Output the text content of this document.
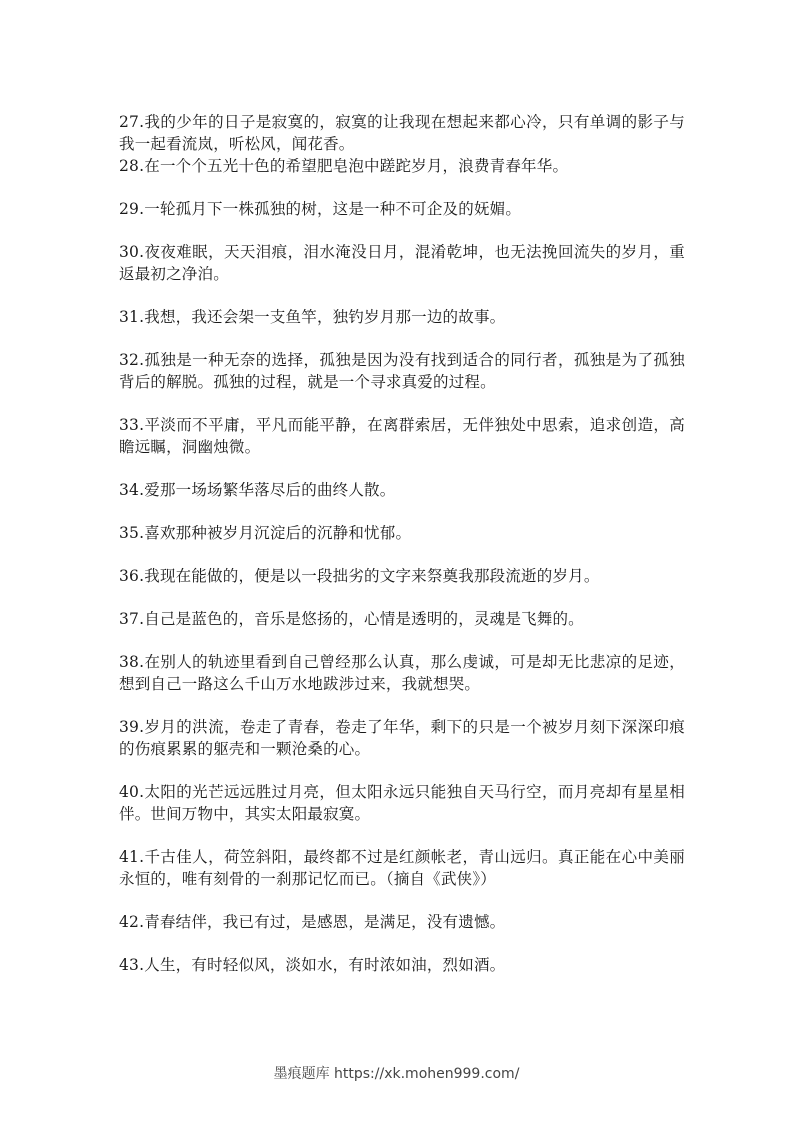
27.我的少年的日子是寂寞的，寂寞的让我现在想起来都心冷，只有单调的影子与我一起看流岚，听松风，闻花香。

28.在一个个五光十色的希望肥皂泡中蹉跎岁月，浪费青春年华。

29.一轮孤月下一株孤独的树，这是一种不可企及的妩媚。

30.夜夜难眠，天天泪痕，泪水淹没日月，混淆乾坤，也无法挽回流失的岁月，重返最初之净泊。

31.我想，我还会架一支鱼竿，独钓岁月那一边的故事。

32.孤独是一种无奈的选择，孤独是因为没有找到适合的同行者，孤独是为了孤独背后的解脱。孤独的过程，就是一个寻求真爱的过程。

33.平淡而不平庸，平凡而能平静，在离群索居，无伴独处中思索，追求创造，高瞻远瞩，洞幽烛微。

34.爱那一场场繁华落尽后的曲终人散。

35.喜欢那种被岁月沉淀后的沉静和忧郁。

36.我现在能做的，便是以一段拙劣的文字来祭奠我那段流逝的岁月。

37.自己是蓝色的，音乐是悠扬的，心情是透明的，灵魂是飞舞的。

38.在别人的轨迹里看到自己曾经那么认真，那么虔诚，可是却无比悲凉的足迹，想到自己一路这么千山万水地跋涉过来，我就想哭。

39.岁月的洪流，卷走了青春，卷走了年华，剩下的只是一个被岁月刻下深深印痕的伤痕累累的躯壳和一颗沧桑的心。

40.太阳的光芒远远胜过月亮，但太阳永远只能独自天马行空，而月亮却有星星相伴。世间万物中，其实太阳最寂寞。

41.千古佳人，荷笠斜阳，最终都不过是红颜帐老，青山远归。真正能在心中美丽永恒的，唯有刻骨的一刹那记忆而已。（摘自《武侠》）

42.青春结伴，我已有过，是感恩，是满足，没有遗憾。

43.人生，有时轻似风，淡如水，有时浓如油，烈如酒。

墨痕题库 https://xk.mohen999.com/
